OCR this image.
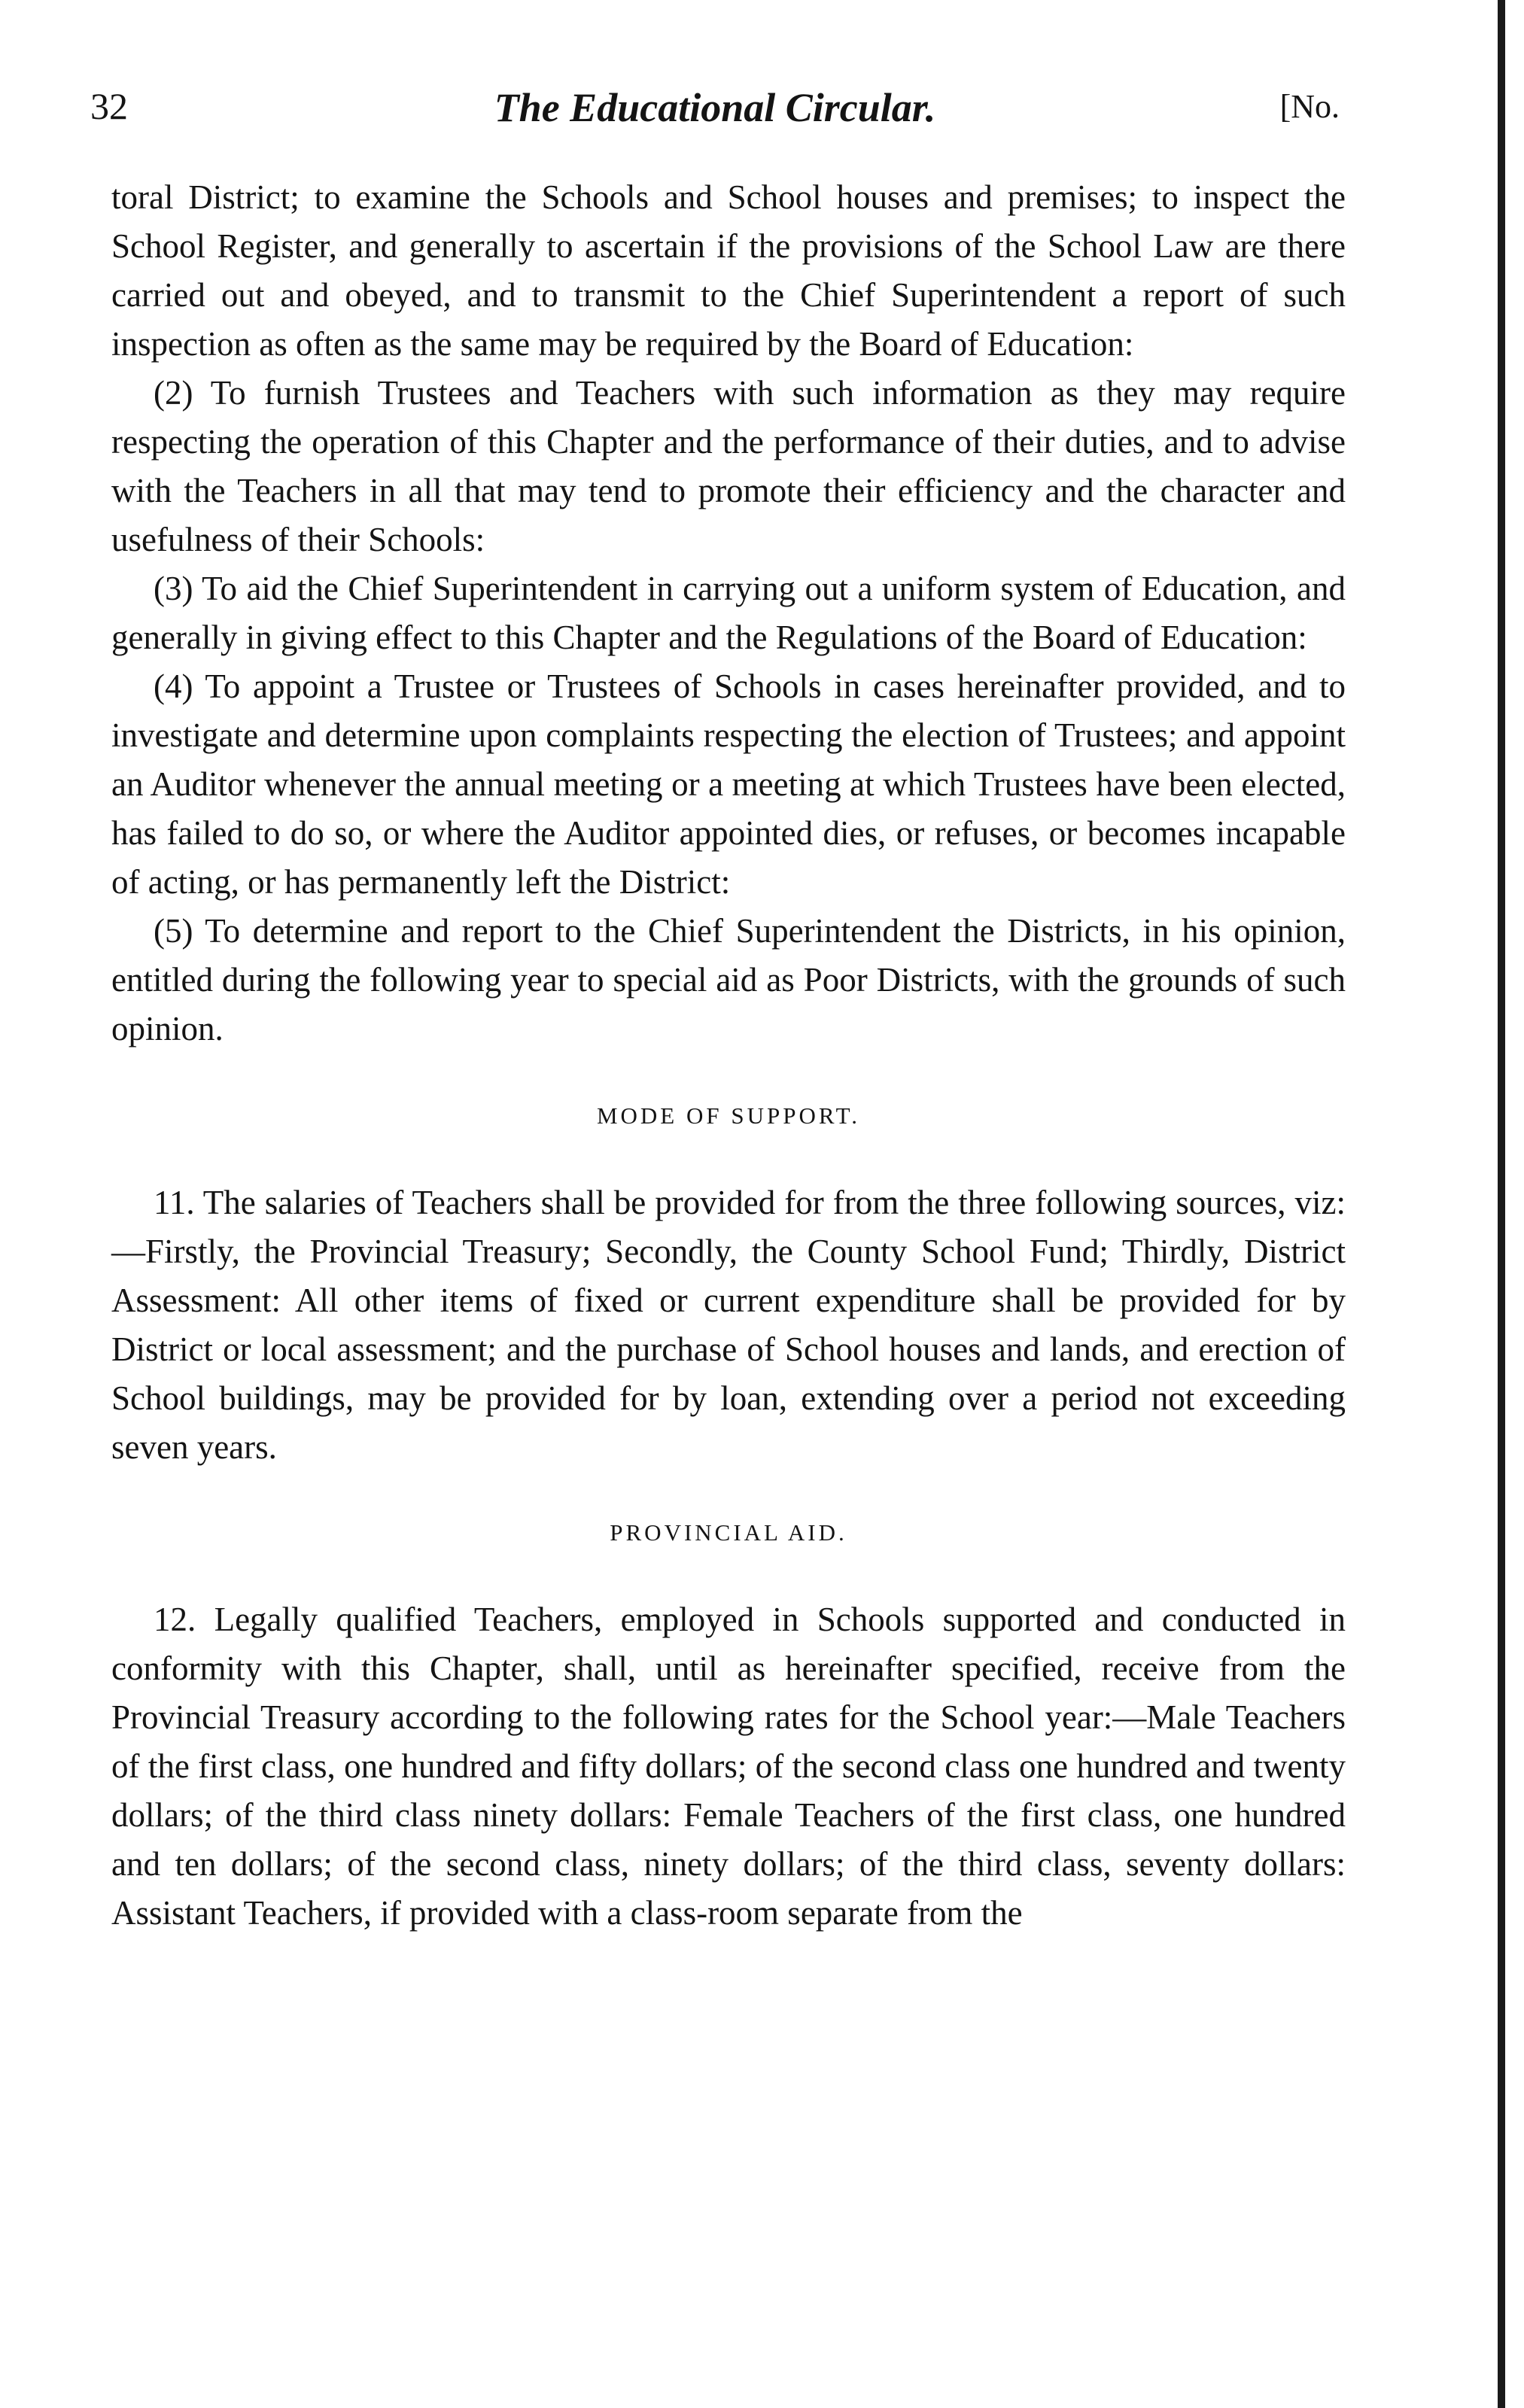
32	The Educational Circular.	[No.

toral District; to examine the Schools and School houses and premises; to inspect the School Register, and generally to ascertain if the provisions of the School Law are there carried out and obeyed, and to transmit to the Chief Superintendent a report of such inspection as often as the same may be required by the Board of Education:

(2) To furnish Trustees and Teachers with such information as they may require respecting the operation of this Chapter and the performance of their duties, and to advise with the Teachers in all that may tend to promote their efficiency and the character and usefulness of their Schools:

(3) To aid the Chief Superintendent in carrying out a uniform system of Education, and generally in giving effect to this Chapter and the Regulations of the Board of Education:

(4) To appoint a Trustee or Trustees of Schools in cases hereinafter provided, and to investigate and determine upon complaints respecting the election of Trustees; and appoint an Auditor whenever the annual meeting or a meeting at which Trustees have been elected, has failed to do so, or where the Auditor appointed dies, or refuses, or becomes incapable of acting, or has permanently left the District:

(5) To determine and report to the Chief Superintendent the Districts, in his opinion, entitled during the following year to special aid as Poor Districts, with the grounds of such opinion.

MODE OF SUPPORT.

11. The salaries of Teachers shall be provided for from the three following sources, viz:—Firstly, the Provincial Treasury; Secondly, the County School Fund; Thirdly, District Assessment: All other items of fixed or current expenditure shall be provided for by District or local assessment; and the purchase of School houses and lands, and erection of School buildings, may be provided for by loan, extending over a period not exceeding seven years.

PROVINCIAL AID.

12. Legally qualified Teachers, employed in Schools supported and conducted in conformity with this Chapter, shall, until as hereinafter specified, receive from the Provincial Treasury according to the following rates for the School year:—Male Teachers of the first class, one hundred and fifty dollars; of the second class one hundred and twenty dollars; of the third class ninety dollars: Female Teachers of the first class, one hundred and ten dollars; of the second class, ninety dollars; of the third class, seventy dollars: Assistant Teachers, if provided with a class-room separate from the
